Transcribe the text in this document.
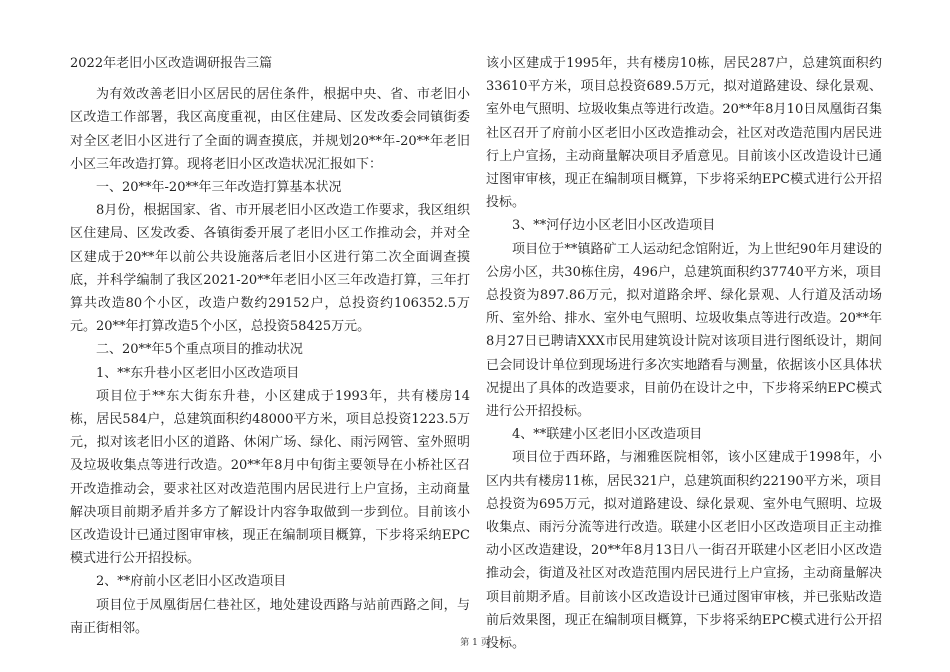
2022年老旧小区改造调研报告三篇

为有效改善老旧小区居民的居住条件，根据中央、省、市老旧小区改造工作部署，我区高度重视，由区住建局、区发改委会同镇街委对全区老旧小区进行了全面的调查摸底，并规划20**年-20**年老旧小区三年改造打算。现将老旧小区改造状况汇报如下：

一、20**年-20**年三年改造打算基本状况

8月份，根据国家、省、市开展老旧小区改造工作要求，我区组织区住建局、区发改委、各镇街委开展了老旧小区工作推动会，并对全区建成于20**年以前公共设施落后老旧小区进行第二次全面调查摸底，并科学编制了我区2021-20**年老旧小区三年改造打算，三年打算共改造80个小区，改造户数约29152户，总投资约106352.5万元。20**年打算改造5个小区，总投资58425万元。

二、20**年5个重点项目的推动状况

1、**东升巷小区老旧小区改造项目

项目位于**东大街东升巷，小区建成于1993年，共有楼房14栋，居民584户，总建筑面积约48000平方米，项目总投资1223.5万元，拟对该老旧小区的道路、休闲广场、绿化、雨污网管、室外照明及垃圾收集点等进行改造。20**年8月中旬街主要领导在小桥社区召开改造推动会，要求社区对改造范围内居民进行上户宣扬，主动商量解决项目前期矛盾并多方了解设计内容争取做到一步到位。目前该小区改造设计已通过图审审核，现正在编制项目概算，下步将采纳EPC模式进行公开招投标。

2、**府前小区老旧小区改造项目

项目位于凤凰街居仁巷社区，地处建设西路与站前西路之间，与南正街相邻。

该小区建成于1995年，共有楼房10栋，居民287户，总建筑面积约33610平方米，项目总投资689.5万元，拟对道路建设、绿化景观、室外电气照明、垃圾收集点等进行改造。20**年8月10日凤凰街召集社区召开了府前小区老旧小区改造推动会，社区对改造范围内居民进行上户宣扬，主动商量解决项目矛盾意见。目前该小区改造设计已通过图审审核，现正在编制项目概算，下步将采纳EPC模式进行公开招投标。

3、**河仔边小区老旧小区改造项目

项目位于**镇路矿工人运动纪念馆附近，为上世纪90年月建设的公房小区，共30栋住房，496户，总建筑面积约37740平方米，项目总投资为897.86万元，拟对道路余坪、绿化景观、人行道及活动场所、室外给、排水、室外电气照明、垃圾收集点等进行改造。20**年8月27日已聘请XXX市民用建筑设计院对该项目进行图纸设计，期间已会同设计单位到现场进行多次实地踏看与测量，依据该小区具体状况提出了具体的改造要求，目前仍在设计之中，下步将采纳EPC模式进行公开招投标。

4、**联建小区老旧小区改造项目

项目位于西环路，与湘雅医院相邻，该小区建成于1998年，小区内共有楼房11栋，居民321户，总建筑面积约22190平方米，项目总投资为695万元，拟对道路建设、绿化景观、室外电气照明、垃圾收集点、雨污分流等进行改造。联建小区老旧小区改造项目正主动推动小区改造建设，20**年8月13日八一街召开联建小区老旧小区改造推动会，街道及社区对改造范围内居民进行上户宣扬，主动商量解决项目前期矛盾。目前该小区改造设计已通过图审审核，并已张贴改造前后效果图，现正在编制项目概算，下步将采纳EPC模式进行公开招投标。

第 1 页
